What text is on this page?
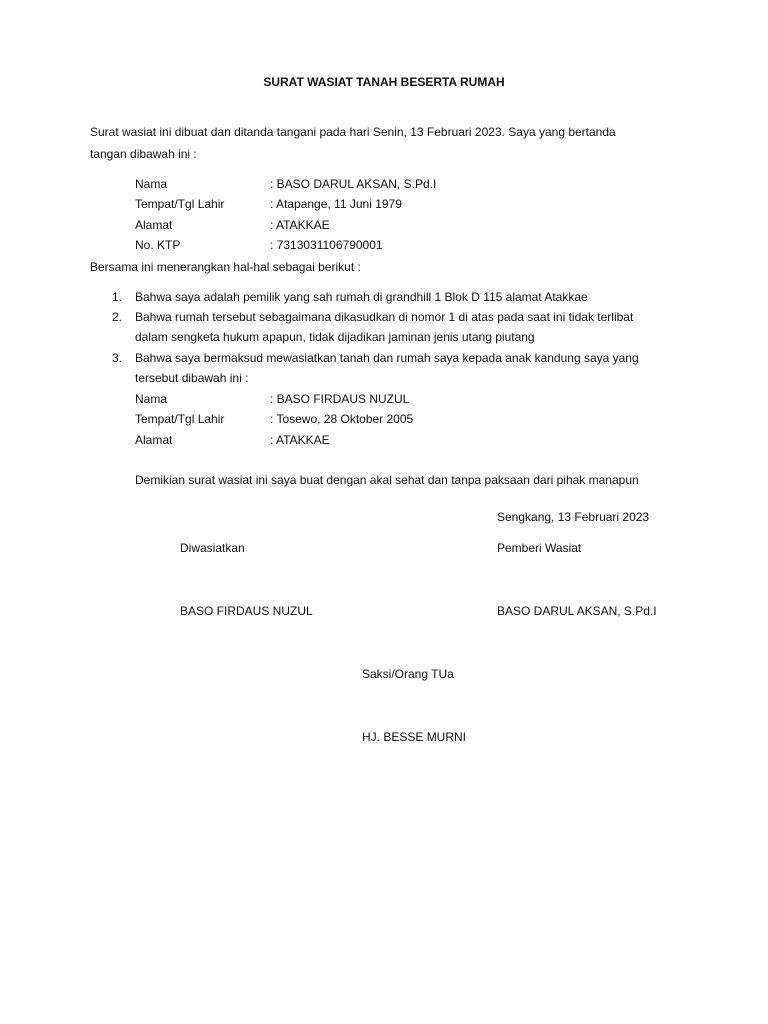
SURAT WASIAT TANAH BESERTA RUMAH
Surat wasiat ini dibuat dan ditanda tangani pada hari Senin, 13 Februari 2023. Saya yang bertanda
tangan dibawah ini :
Nama	: BASO DARUL AKSAN, S.Pd.I
Tempat/Tgl Lahir	: Atapange, 11 Juni 1979
Alamat	: ATAKKAE
No. KTP	: 7313031106790001
Bersama ini menerangkan hal-hal sebagai berikut :
1. Bahwa saya adalah pemilik yang sah rumah di grandhill 1 Blok D 115 alamat Atakkae
2. Bahwa rumah tersebut sebagaimana dikasudkan di nomor 1 di atas pada saat ini tidak terlibat
dalam sengketa hukum apapun, tidak dijadikan jaminan jenis utang piutang
3. Bahwa saya bermaksud mewasiatkan tanah dan rumah saya kepada anak kandung saya yang
tersebut dibawah ini :
Nama	: BASO FIRDAUS NUZUL
Tempat/Tgl Lahir	: Tosewo, 28 Oktober 2005
Alamat	: ATAKKAE
Demikian surat wasiat ini saya buat dengan akal sehat dan tanpa paksaan dari pihak manapun
Sengkang, 13 Februari 2023
Diwasiatkan	Pemberi Wasiat
BASO FIRDAUS NUZUL	BASO DARUL AKSAN, S.Pd.I
Saksi/Orang TUa
HJ. BESSE MURNI
